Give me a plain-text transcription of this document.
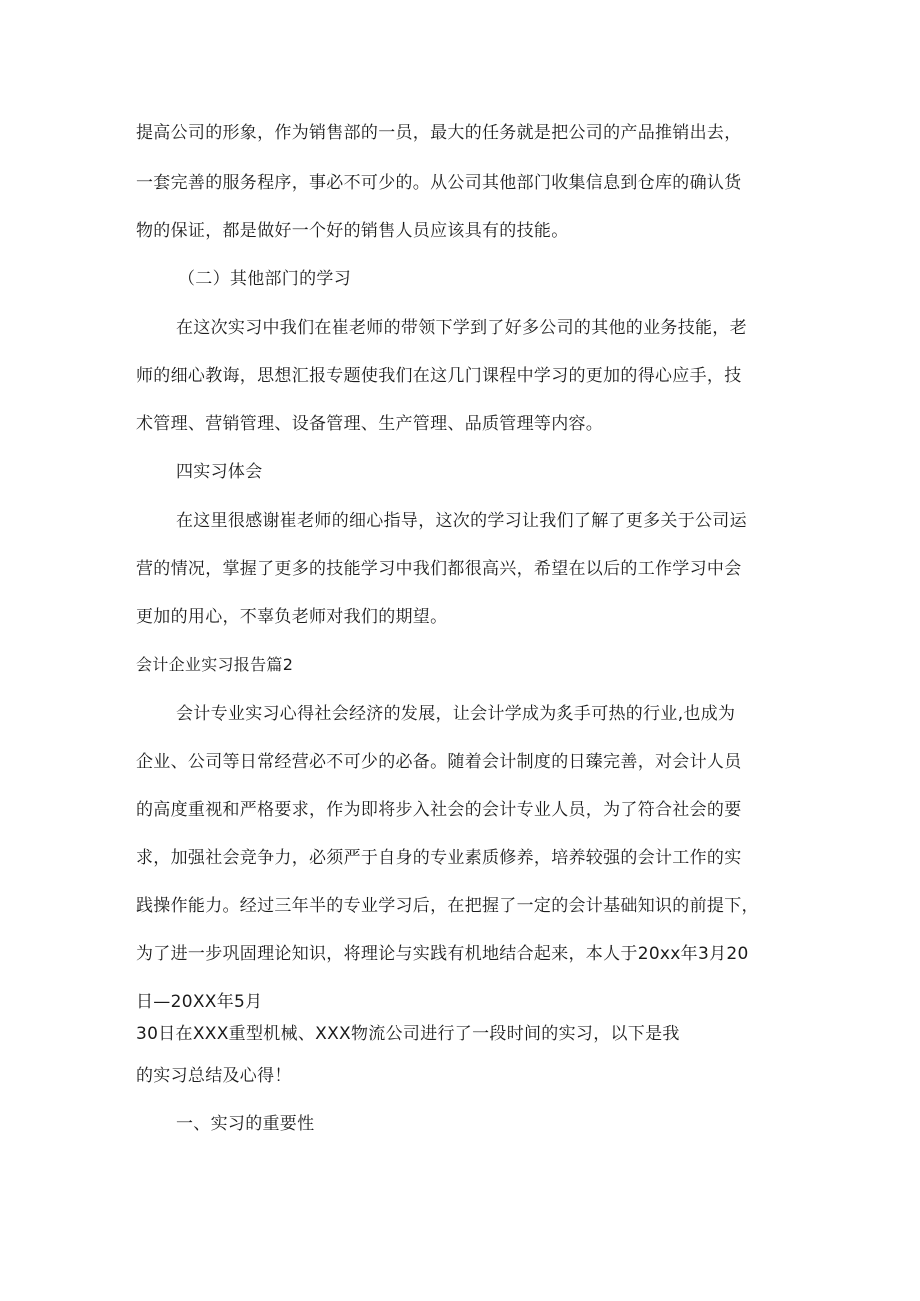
提高公司的形象，作为销售部的一员，最大的任务就是把公司的产品推销出去，
一套完善的服务程序，事必不可少的。从公司其他部门收集信息到仓库的确认货
物的保证，都是做好一个好的销售人员应该具有的技能。
（二）其他部门的学习
在这次实习中我们在崔老师的带领下学到了好多公司的其他的业务技能，老
师的细心教诲，思想汇报专题使我们在这几门课程中学习的更加的得心应手，技
术管理、营销管理、设备管理、生产管理、品质管理等内容。
四实习体会
在这里很感谢崔老师的细心指导，这次的学习让我们了解了更多关于公司运
营的情况，掌握了更多的技能学习中我们都很高兴，希望在以后的工作学习中会
更加的用心，不辜负老师对我们的期望。
会计企业实习报告篇2
会计专业实习心得社会经济的发展，让会计学成为炙手可热的行业,也成为
企业、公司等日常经营必不可少的必备。随着会计制度的日臻完善，对会计人员
的高度重视和严格要求，作为即将步入社会的会计专业人员，为了符合社会的要
求，加强社会竞争力，必须严于自身的专业素质修养，培养较强的会计工作的实
践操作能力。经过三年半的专业学习后，在把握了一定的会计基础知识的前提下，
为了进一步巩固理论知识，将理论与实践有机地结合起来，本人于20xx年3月20
日—20XX年5月
30日在XXX重型机械、XXX物流公司进行了一段时间的实习，以下是我
的实习总结及心得！
一、实习的重要性
